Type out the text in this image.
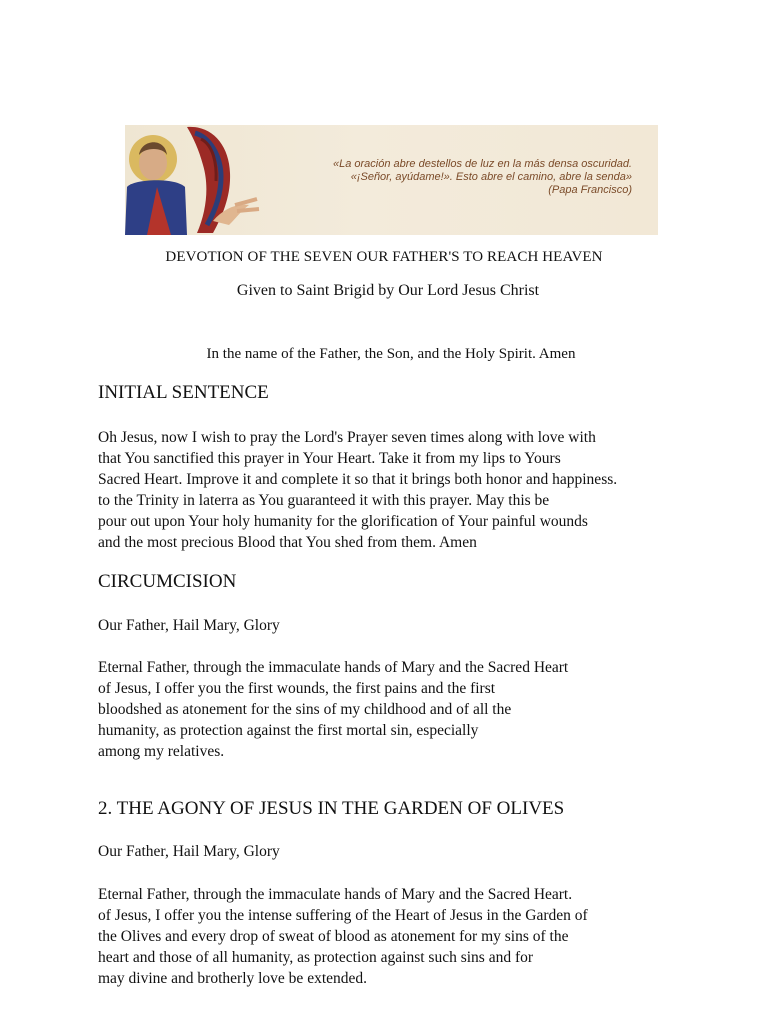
«La oración abre destellos de luz en la más densa oscuridad.
«¡Señor, ayúdame!». Esto abre el camino, abre la senda»
(Papa Francisco)
DEVOTION OF THE SEVEN OUR FATHER'S TO REACH HEAVEN
Given to Saint Brigid by Our Lord Jesus Christ
In the name of the Father, the Son, and the Holy Spirit. Amen
INITIAL SENTENCE
Oh Jesus, now I wish to pray the Lord's Prayer seven times along with love with
that You sanctified this prayer in Your Heart. Take it from my lips to Yours
Sacred Heart. Improve it and complete it so that it brings both honor and happiness.
to the Trinity in laterra as You guaranteed it with this prayer. May this be
pour out upon Your holy humanity for the glorification of Your painful wounds
and the most precious Blood that You shed from them. Amen
CIRCUMCISION
Our Father, Hail Mary, Glory
Eternal Father, through the immaculate hands of Mary and the Sacred Heart
of Jesus, I offer you the first wounds, the first pains and the first
bloodshed as atonement for the sins of my childhood and of all the
humanity, as protection against the first mortal sin, especially
among my relatives.
2. THE AGONY OF JESUS IN THE GARDEN OF OLIVES
Our Father, Hail Mary, Glory
Eternal Father, through the immaculate hands of Mary and the Sacred Heart.
of Jesus, I offer you the intense suffering of the Heart of Jesus in the Garden of
the Olives and every drop of sweat of blood as atonement for my sins of the
heart and those of all humanity, as protection against such sins and for
may divine and brotherly love be extended.
